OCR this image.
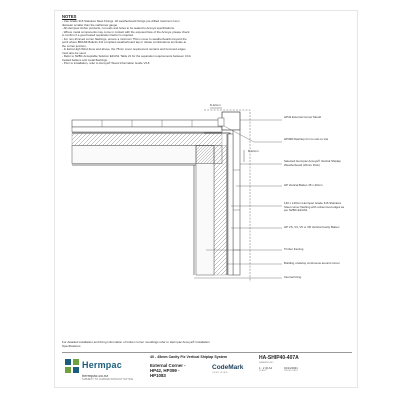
NOTES
- Use Grade 316 Stainless Steel Fixings. All weatherboard fixings pre-drilled maximum 1mm
diameter smaller than the nail/screw gauge.
- All Hermpac timber products, cut ends and holes to be sealed to Accoya specifications.
- Where metal components may come in contact with the exposed face of the Accoya, please check
to confirm if a good tested separation barrier is required.
- For non-trimmed corner flashings, ensure a minimum 75mm cover to weatherboards beyond the
point where BRANZ Bulletin 411 compliant weatherboard tap or rebate combinations terminate at
the corner junction.
- In Extra High Wind Zone and above, the 75mm cover requirement remains and hemmed edges
must also be used.
- Refer to NZBC Acceptable Solution E2/AS1 Table 21 for the separation requirements between CCA
treated battens and metal flashings.
- Prior to installation, refer to Accoya® Wood Information Guide V3.8
8-12mm
8-12mm
HP42 External Corner Mould
HP398 Flashtop trim to suit on site
Selected Hermpac Accoya® Vertical Shiplap Weatherboard (20mm thick)
HP Vertical Batten 45 x 40mm
140 x 140mm Hermpac Grade 316 Stainless Steel corner flashing with unhemmed edges as per NZBC E2/AS1
HP VS, V4, V5 or VR Vertical Cavity Batten
Timber framing
Building underlay continuous around corner
Internal lining
For detailed installation and fixing information of timber corner mouldings refer to Hermpac Accoya® Installation Specifications
Hermpac
hermpac.co.nz
SUBJECT TO CHANGE WITHOUT NOTICE
40 - 45mm Cavity Fix Vertical Shiplap System
External Corner -
HP42, HP399 -
HP1083
CodeMark
CERTIFIED
HA-SHIP40-407A
DRAWING NO
1 : 2 @ A4
SCALE
01/11/2021
ISSUED DATE
